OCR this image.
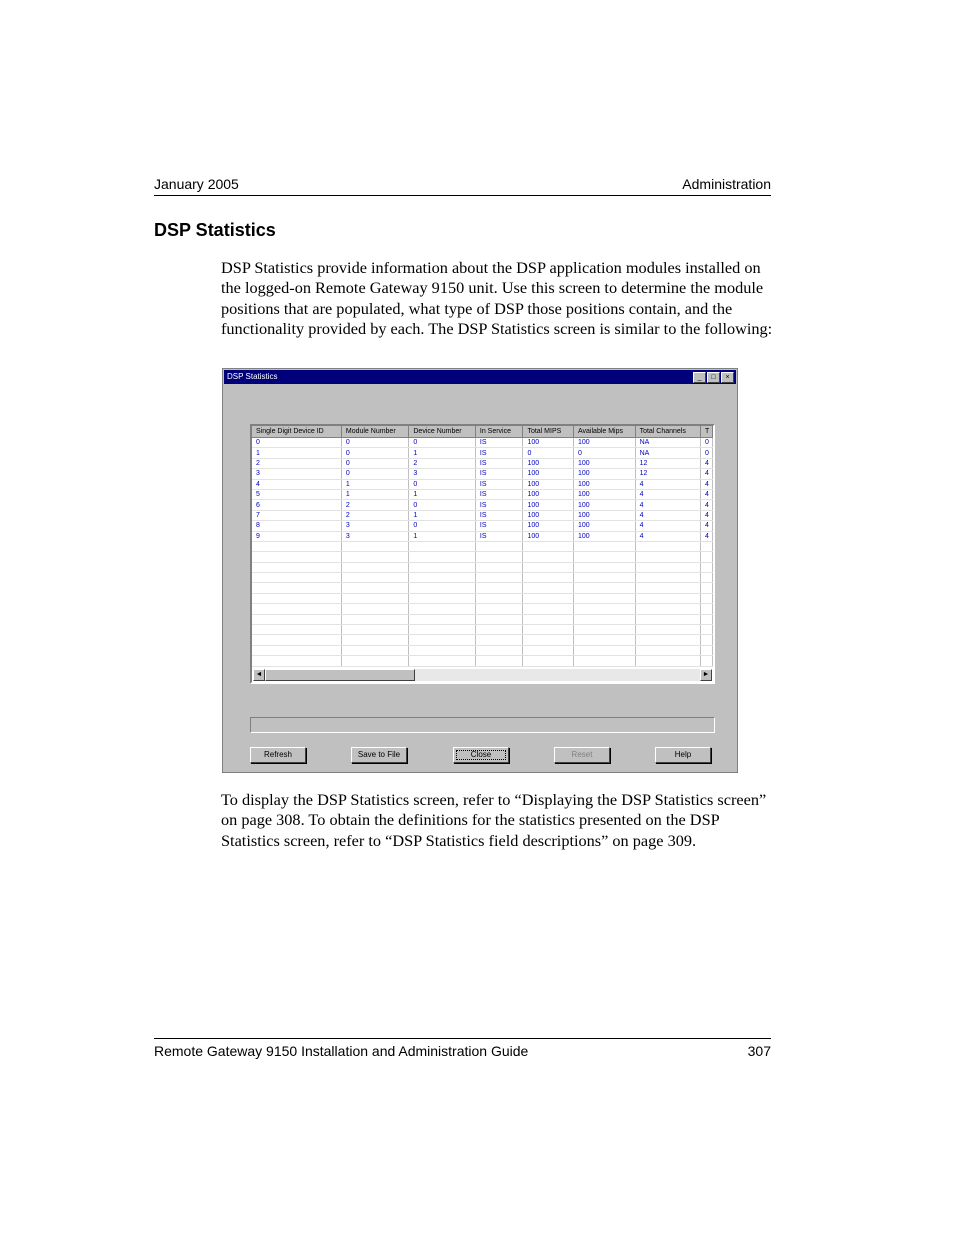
January 2005	Administration
DSP Statistics

DSP Statistics provide information about the DSP application modules installed on the logged-on Remote Gateway 9150 unit. Use this screen to determine the module positions that are populated, what type of DSP those positions contain, and the functionality provided by each. The DSP Statistics screen is similar to the following:

DSP Statistics	_	□	×
Single Digit Device ID	Module Number	Device Number	In Service	Total MIPS	Available Mips	Total Channels	T
0	0	0	IS	100	100	NA	0
1	0	1	IS	0	0	NA	0
2	0	2	IS	100	100	12	4
3	0	3	IS	100	100	12	4
4	1	0	IS	100	100	4	4
5	1	1	IS	100	100	4	4
6	2	0	IS	100	100	4	4
7	2	1	IS	100	100	4	4
8	3	0	IS	100	100	4	4
9	3	1	IS	100	100	4	4

◄	►
Refresh	Save to File	Close	Reset	Help

To display the DSP Statistics screen, refer to “Displaying the DSP Statistics screen” on page 308. To obtain the definitions for the statistics presented on the DSP Statistics screen, refer to “DSP Statistics field descriptions” on page 309.

Remote Gateway 9150 Installation and Administration Guide	307
